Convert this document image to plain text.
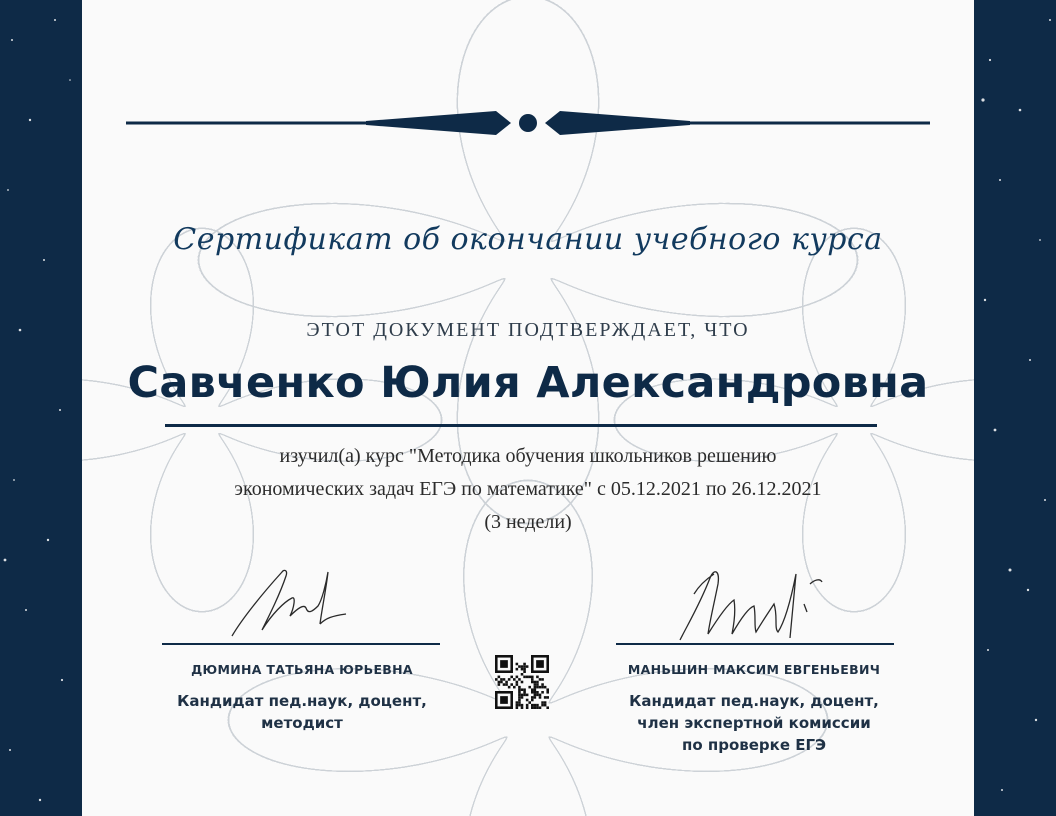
Сертификат об окончании учебного курса
ЭТОТ ДОКУМЕНТ ПОДТВЕРЖДАЕТ, ЧТО
Савченко Юлия Александровна
изучил(а) курс "Методика обучения школьников решению
экономических задач ЕГЭ по математике" с 05.12.2021 по 26.12.2021
(3 недели)
ДЮМИНА ТАТЬЯНА ЮРЬЕВНА
Кандидат пед.наук, доцент,
методист
МАНЬШИН МАКСИМ ЕВГЕНЬЕВИЧ
Кандидат пед.наук, доцент,
член экспертной комиссии
по проверке ЕГЭ
